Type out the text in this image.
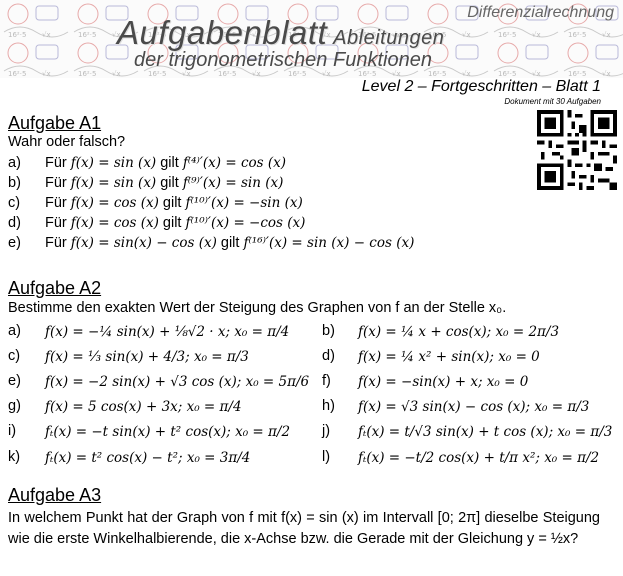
Differenzialrechnung
Aufgabenblatt Ableitungen
der trigonometrischen Funktionen
Level 2 – Fortgeschritten – Blatt 1
Dokument mit 30 Aufgaben
Aufgabe A1
Wahr oder falsch?
a) Für f(x) = sin (x) gilt f⁽⁴⁾′(x) = cos (x)
b) Für f(x) = sin (x) gilt f⁽⁹⁾′(x) = sin (x)
c) Für f(x) = cos (x) gilt f⁽¹⁰⁾′(x) = −sin (x)
d) Für f(x) = cos (x) gilt f⁽¹⁰⁾′(x) = −cos (x)
e) Für f(x) = sin(x) − cos (x) gilt f⁽¹⁶⁾′(x) = sin (x) − cos (x)
Aufgabe A2
Bestimme den exakten Wert der Steigung des Graphen von f an der Stelle x₀.
a) f(x) = −¼ sin(x) + ⅛√2 · x; x₀ = π/4
c) f(x) = ⅓ sin(x) + 4/3; x₀ = π/3
e) f(x) = −2 sin(x) + √3 cos (x); x₀ = 5π/6
g) f(x) = 5 cos(x) + 3x; x₀ = π/4
i) fₜ(x) = −t sin(x) + t² cos(x); x₀ = π/2
k) fₜ(x) = t² cos(x) − t²; x₀ = 3π/4
b) f(x) = ¼ x + cos(x); x₀ = 2π/3
d) f(x) = ¼ x² + sin(x); x₀ = 0
f) f(x) = −sin(x) + x; x₀ = 0
h) f(x) = √3 sin(x) − cos (x); x₀ = π/3
j) fₜ(x) = t/√3 sin(x) + t cos (x); x₀ = π/3
l) fₜ(x) = −t/2 cos(x) + t/π x²; x₀ = π/2
Aufgabe A3
In welchem Punkt hat der Graph von f mit f(x) = sin (x) im Intervall [0; 2π] dieselbe Steigung wie die erste Winkelhalbierende, die x-Achse bzw. die Gerade mit der Gleichung y = ½x?
